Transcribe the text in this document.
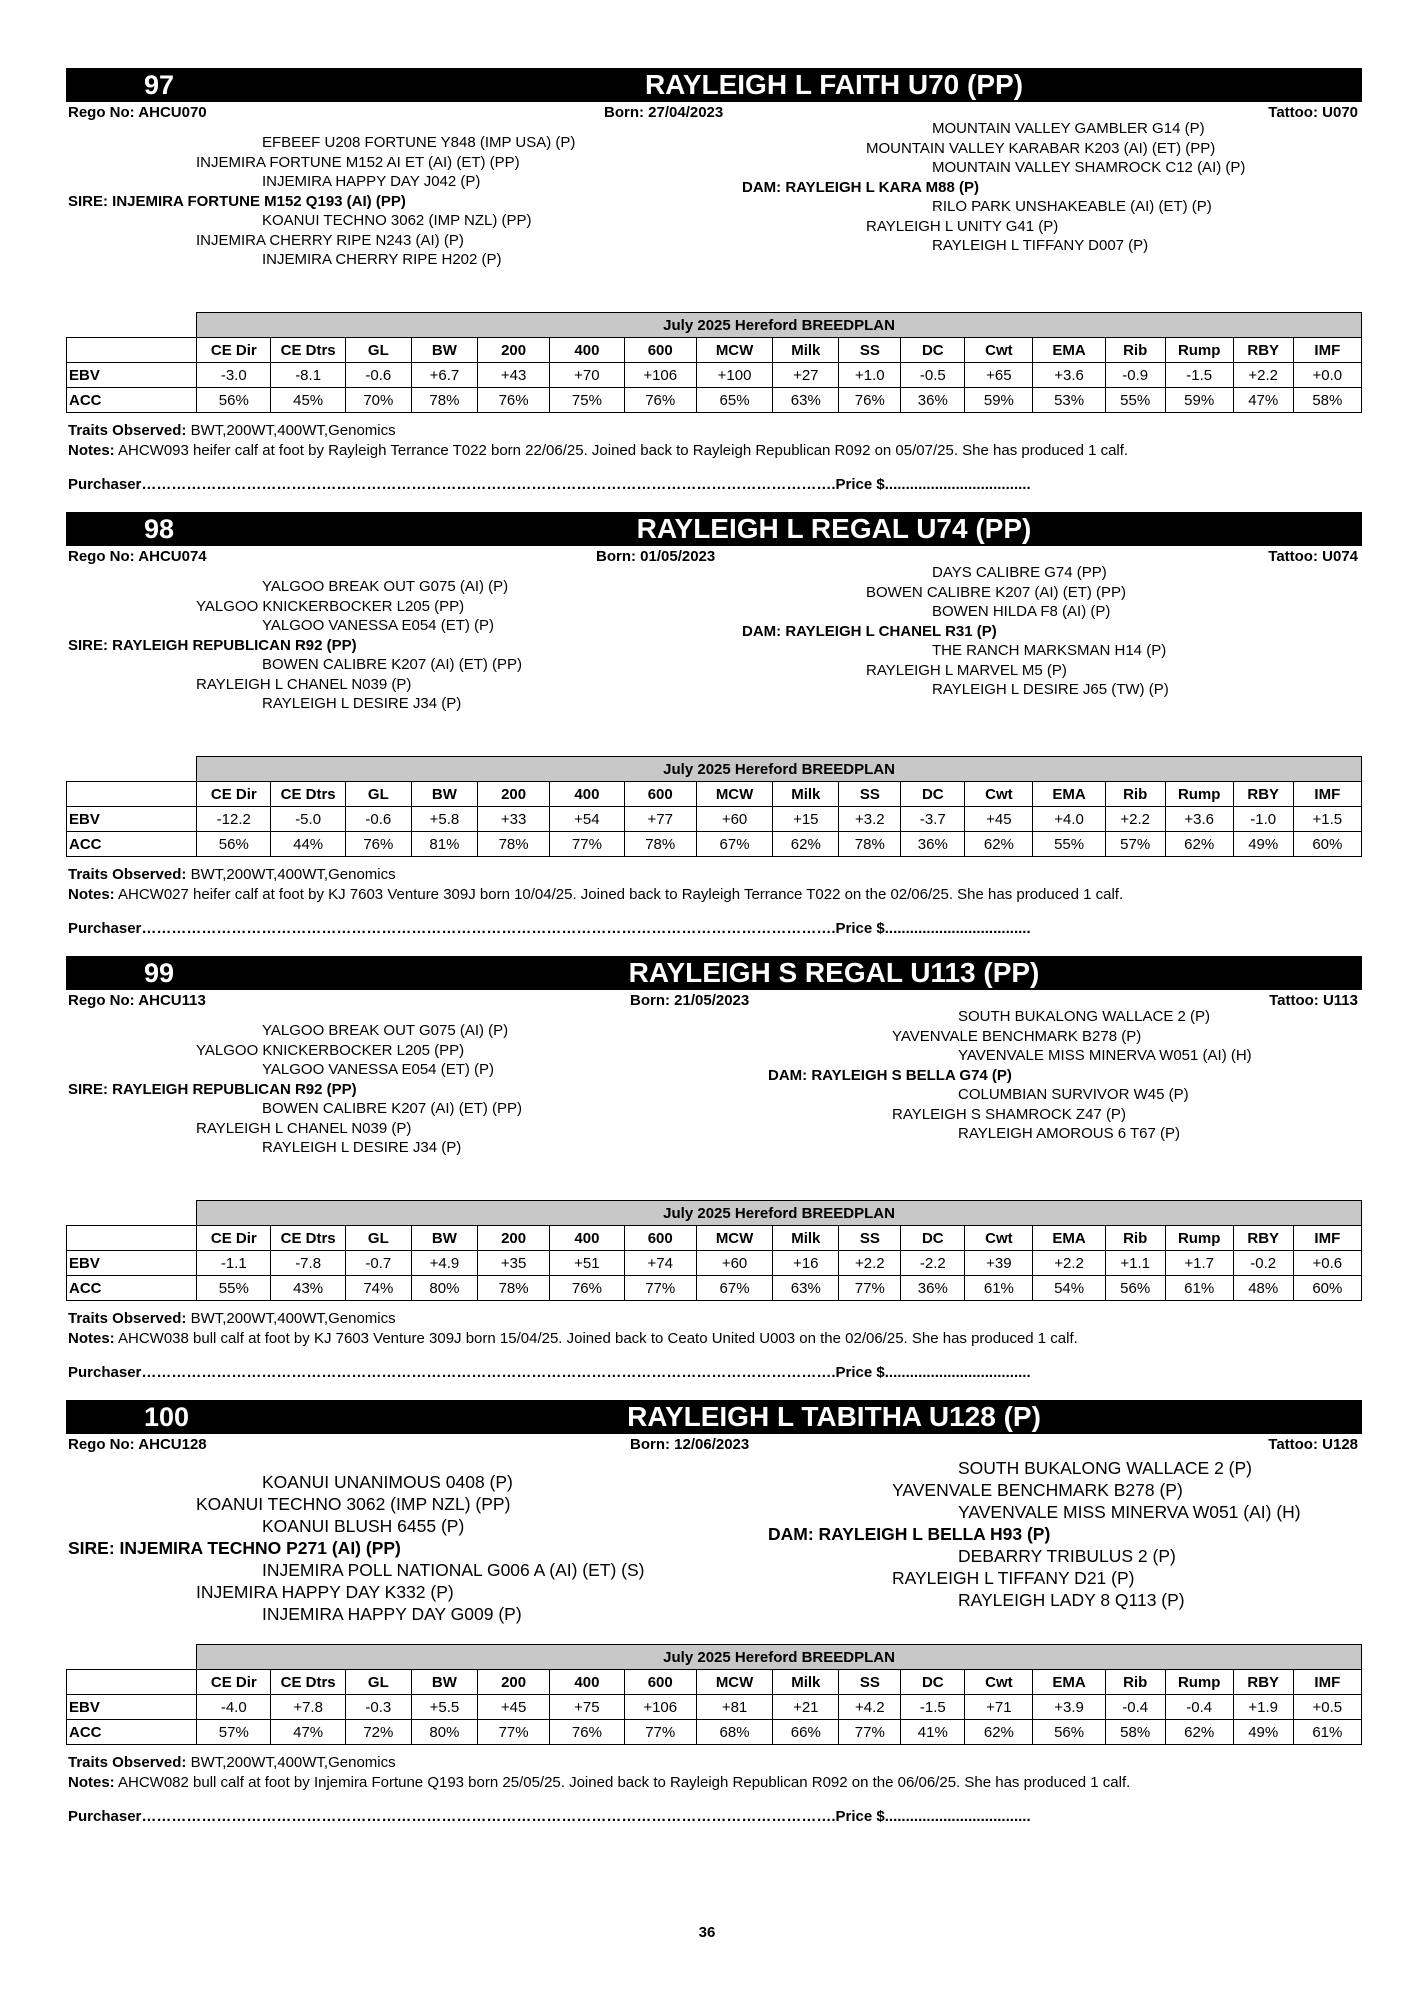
97	RAYLEIGH L FAITH U70 (PP)
Rego No: AHCU070	Born: 27/04/2023	Tattoo: U070
EFBEEF U208 FORTUNE Y848 (IMP USA) (P)
INJEMIRA FORTUNE M152 AI ET (AI) (ET) (PP)
INJEMIRA HAPPY DAY J042 (P)
SIRE: INJEMIRA FORTUNE M152 Q193 (AI) (PP)
KOANUI TECHNO 3062 (IMP NZL) (PP)
INJEMIRA CHERRY RIPE N243 (AI) (P)
INJEMIRA CHERRY RIPE H202 (P)
MOUNTAIN VALLEY GAMBLER G14 (P)
MOUNTAIN VALLEY KARABAR K203 (AI) (ET) (PP)
MOUNTAIN VALLEY SHAMROCK C12 (AI) (P)
DAM: RAYLEIGH L KARA M88 (P)
RILO PARK UNSHAKEABLE (AI) (ET) (P)
RAYLEIGH L UNITY G41 (P)
RAYLEIGH L TIFFANY D007 (P)
	July 2025 Hereford BREEDPLAN																
	CE Dir	CE Dtrs	GL	BW	200	400	600	MCW	Milk	SS	DC	Cwt	EMA	Rib	Rump	RBY	IMF
EBV	-3.0	-8.1	-0.6	+6.7	+43	+70	+106	+100	+27	+1.0	-0.5	+65	+3.6	-0.9	-1.5	+2.2	+0.0
ACC	56%	45%	70%	78%	76%	75%	76%	65%	63%	76%	36%	59%	53%	55%	59%	47%	58%
Traits Observed: BWT,200WT,400WT,Genomics
Notes: AHCW093 heifer calf at foot by Rayleigh Terrance T022 born 22/06/25. Joined back to Rayleigh Republican R092 on 05/07/25. She has produced 1 calf.
Purchaser………………………………………………………………………………………………………………………….Price $...................................
98	RAYLEIGH L REGAL U74 (PP)
Rego No: AHCU074	Born: 01/05/2023	Tattoo: U074
YALGOO BREAK OUT G075 (AI) (P)
YALGOO KNICKERBOCKER L205 (PP)
YALGOO VANESSA E054 (ET) (P)
SIRE: RAYLEIGH REPUBLICAN R92 (PP)
BOWEN CALIBRE K207 (AI) (ET) (PP)
RAYLEIGH L CHANEL N039 (P)
RAYLEIGH L DESIRE J34 (P)
DAYS CALIBRE G74 (PP)
BOWEN CALIBRE K207 (AI) (ET) (PP)
BOWEN HILDA F8 (AI) (P)
DAM: RAYLEIGH L CHANEL R31 (P)
THE RANCH MARKSMAN H14 (P)
RAYLEIGH L MARVEL M5 (P)
RAYLEIGH L DESIRE J65 (TW) (P)
	July 2025 Hereford BREEDPLAN																
	CE Dir	CE Dtrs	GL	BW	200	400	600	MCW	Milk	SS	DC	Cwt	EMA	Rib	Rump	RBY	IMF
EBV	-12.2	-5.0	-0.6	+5.8	+33	+54	+77	+60	+15	+3.2	-3.7	+45	+4.0	+2.2	+3.6	-1.0	+1.5
ACC	56%	44%	76%	81%	78%	77%	78%	67%	62%	78%	36%	62%	55%	57%	62%	49%	60%
Traits Observed: BWT,200WT,400WT,Genomics
Notes: AHCW027 heifer calf at foot by KJ 7603 Venture 309J born 10/04/25. Joined back to Rayleigh Terrance T022 on the 02/06/25. She has produced 1 calf.
Purchaser………………………………………………………………………………………………………………………….Price $...................................
99	RAYLEIGH S REGAL U113 (PP)
Rego No: AHCU113	Born: 21/05/2023	Tattoo: U113
YALGOO BREAK OUT G075 (AI) (P)
YALGOO KNICKERBOCKER L205 (PP)
YALGOO VANESSA E054 (ET) (P)
SIRE: RAYLEIGH REPUBLICAN R92 (PP)
BOWEN CALIBRE K207 (AI) (ET) (PP)
RAYLEIGH L CHANEL N039 (P)
RAYLEIGH L DESIRE J34 (P)
SOUTH BUKALONG WALLACE 2 (P)
YAVENVALE BENCHMARK B278 (P)
YAVENVALE MISS MINERVA W051 (AI) (H)
DAM: RAYLEIGH S BELLA G74 (P)
COLUMBIAN SURVIVOR W45 (P)
RAYLEIGH S SHAMROCK Z47 (P)
RAYLEIGH AMOROUS 6 T67 (P)
	July 2025 Hereford BREEDPLAN																
	CE Dir	CE Dtrs	GL	BW	200	400	600	MCW	Milk	SS	DC	Cwt	EMA	Rib	Rump	RBY	IMF
EBV	-1.1	-7.8	-0.7	+4.9	+35	+51	+74	+60	+16	+2.2	-2.2	+39	+2.2	+1.1	+1.7	-0.2	+0.6
ACC	55%	43%	74%	80%	78%	76%	77%	67%	63%	77%	36%	61%	54%	56%	61%	48%	60%
Traits Observed: BWT,200WT,400WT,Genomics
Notes: AHCW038 bull calf at foot by KJ 7603 Venture 309J born 15/04/25. Joined back to Ceato United U003 on the 02/06/25. She has produced 1 calf.
Purchaser………………………………………………………………………………………………………………………….Price $...................................
100	RAYLEIGH L TABITHA U128 (P)
Rego No: AHCU128	Born: 12/06/2023	Tattoo: U128
KOANUI UNANIMOUS 0408 (P)
KOANUI TECHNO 3062 (IMP NZL) (PP)
KOANUI BLUSH 6455 (P)
SIRE: INJEMIRA TECHNO P271 (AI) (PP)
INJEMIRA POLL NATIONAL G006 A (AI) (ET) (S)
INJEMIRA HAPPY DAY K332 (P)
INJEMIRA HAPPY DAY G009 (P)
SOUTH BUKALONG WALLACE 2 (P)
YAVENVALE BENCHMARK B278 (P)
YAVENVALE MISS MINERVA W051 (AI) (H)
DAM: RAYLEIGH L BELLA H93 (P)
DEBARRY TRIBULUS 2 (P)
RAYLEIGH L TIFFANY D21 (P)
RAYLEIGH LADY 8 Q113 (P)
	July 2025 Hereford BREEDPLAN																
	CE Dir	CE Dtrs	GL	BW	200	400	600	MCW	Milk	SS	DC	Cwt	EMA	Rib	Rump	RBY	IMF
EBV	-4.0	+7.8	-0.3	+5.5	+45	+75	+106	+81	+21	+4.2	-1.5	+71	+3.9	-0.4	-0.4	+1.9	+0.5
ACC	57%	47%	72%	80%	77%	76%	77%	68%	66%	77%	41%	62%	56%	58%	62%	49%	61%
Traits Observed: BWT,200WT,400WT,Genomics
Notes: AHCW082 bull calf at foot by Injemira Fortune Q193 born 25/05/25. Joined back to Rayleigh Republican R092 on the 06/06/25. She has produced 1 calf.
Purchaser………………………………………………………………………………………………………………………….Price $...................................
36
